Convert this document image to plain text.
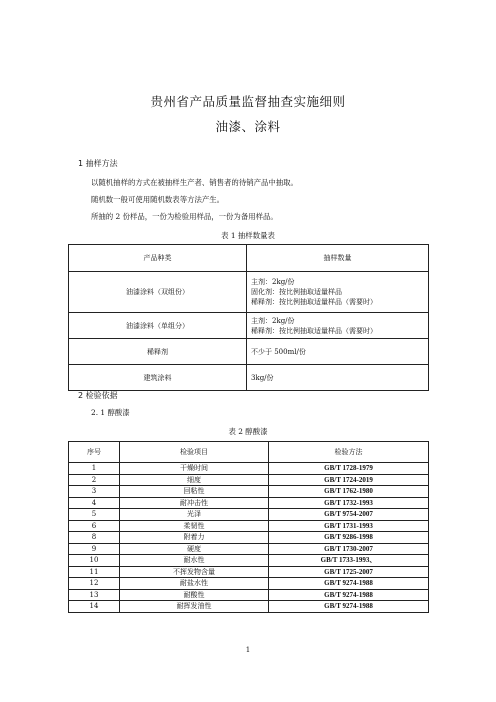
贵州省产品质量监督抽查实施细则
油漆、涂料
1 抽样方法
以随机抽样的方式在被抽样生产者、销售者的待销产品中抽取。
随机数一般可使用随机数表等方法产生。
所抽的 2 份样品，一份为检验用样品，一份为备用样品。
表 1 抽样数量表
产品种类	抽样数量
油漆涂料（双组份）	主剂：2kg/份
固化剂：按比例抽取适量样品
稀释剂：按比例抽取适量样品（需要时）

油漆涂料（单组分）	主剂：2kg/份
稀释剂：按比例抽取适量样品（需要时）

稀释剂	不少于 500ml/份
建筑涂料	3kg/份
2 检验依据
2. 1 醇酸漆
表 2 醇酸漆
序号	检验项目	检验方法
1	干燥时间	GB/T 1728-1979
2	细度	GB/T 1724-2019
3	回粘性	GB/T 1762-1980
4	耐冲击性	GB/T 1732-1993
5	光泽	GB/T 9754-2007
6	柔韧性	GB/T 1731-1993
8	附着力	GB/T 9286-1998
9	硬度	GB/T 1730-2007
10	耐水性	GB/T 1733-1993、
11	不挥发物含量	GB/T 1725-2007
12	耐盐水性	GB/T 9274-1988
13	耐酸性	GB/T 9274-1988
14	耐挥发油性	GB/T 9274-1988
1
